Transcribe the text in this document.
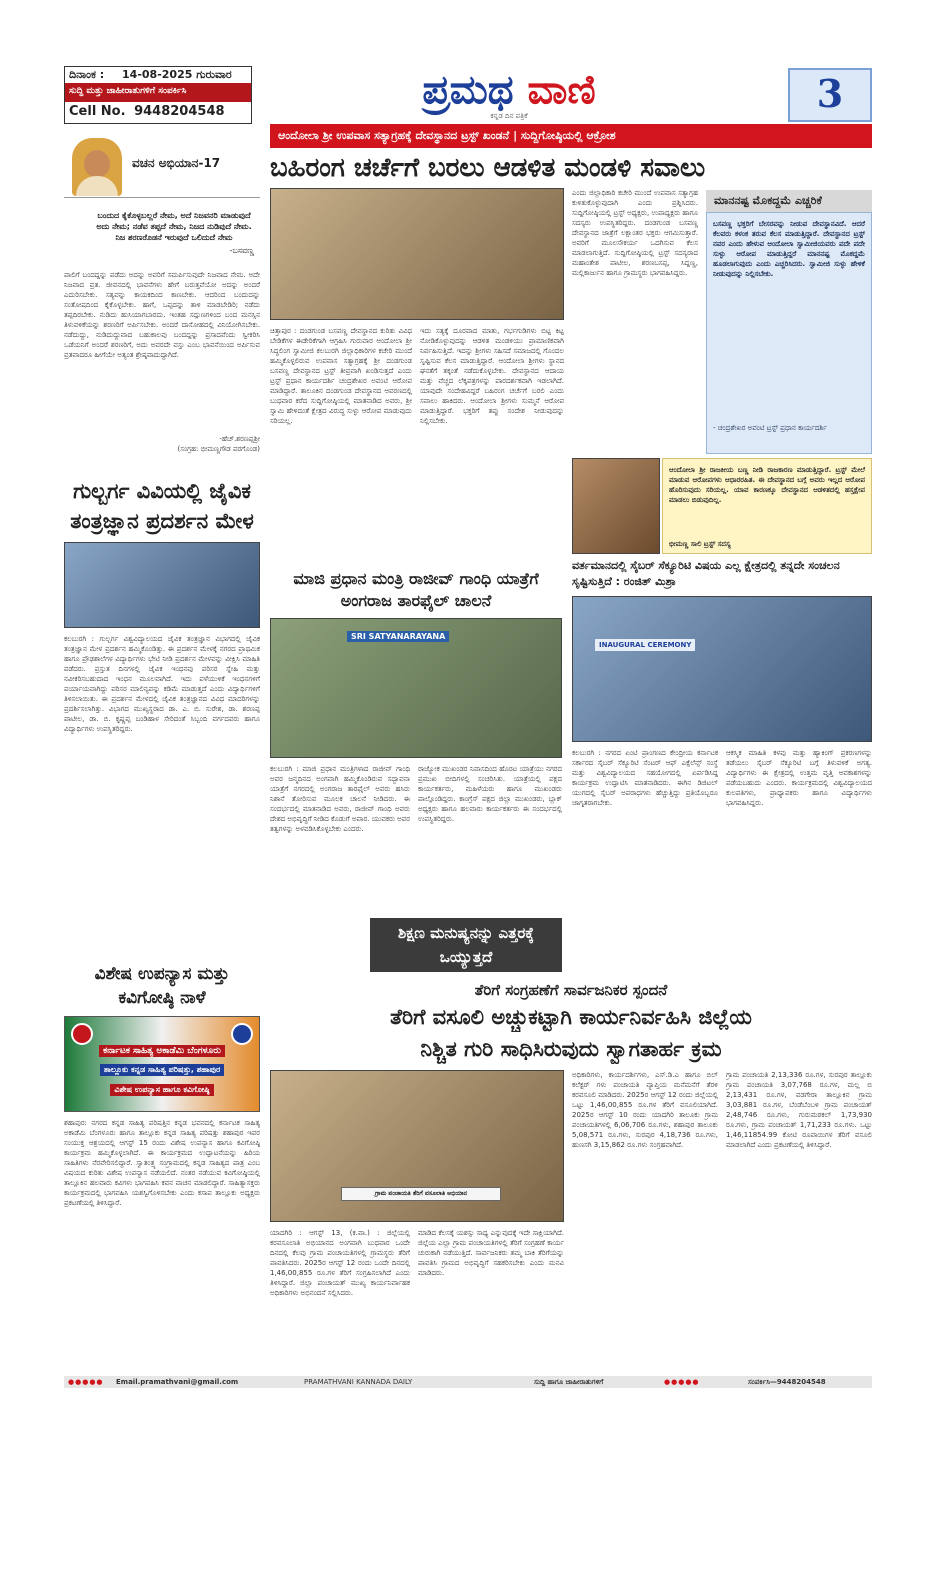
ದಿನಾಂಕ : 14-08-2025 ಗುರುವಾರ
ಸುದ್ದಿ ಮತ್ತು ಜಾಹೀರಾತುಗಳಿಗೆ ಸಂಪರ್ಕಿಸಿ
Cell No. 9448204548	ಪ್ರಮಥ ವಾಣಿ
ಕನ್ನಡ ದಿನ ಪತ್ರಿಕೆ	3
ವಚನ ಅಭಿಯಾನ-17
ಬಂದುದ ಕೈಕೊಳ್ಳಬಲ್ಲರೆ ನೇಮ, ಅದೆ ನಿಜವನರಿ ಮಾಡುವುದೆ ಅದು ನೇಮ; ನಡೆವ ತಪ್ಪದೆ ನೇಮ, ನಿಜದ ನುಡಿವುದೆ ನೇಮ. ನಿಜ ಶರಣರೊಡನೆ ಇರುವುದೆ ಒಲಿದುದೆ ನೇಮ
-ಬಸವಣ್ಣ
ಪಾಲಿಗೆ ಬಂದದ್ದನ್ನು ಪಡೆದು ಅದನ್ನು ಅವರಿಗೆ ಸಮರ್ಪಿಸುವುದೇ ನಿಜವಾದ ನೇಮ. ಅದೇ ನಿಜವಾದ ವ್ರತ. ಜೀವನದಲ್ಲಿ ಭಾವನೆಗಳು ಹೇಗೆ ಬರುತ್ತವೆಯೋ ಅದನ್ನು ಅಂದರೆ ಎದುರಿಸಬೇಕು. ಸತ್ಯವನ್ನು ಕಾಯಕದಿಂದ ಕಾಣಬೇಕು. ಆದರಿಂದ ಬಂದುದನ್ನು ಸಂತೋಷದಿಂದ ಕೈಕೊಳ್ಳಬೇಕು. ಹಾಗೆ, ಒಪ್ಪದನ್ನು ತಾಳಿ ಮಾಡಬೇಡಿರಿ; ನಡೆದು ತಪ್ಪದಿರಬೇಕು. ನುಡಿದು ಹುಸಿಯಾಗಬಾರದು. ಇಂತಹ ಸದ್ಗುಣಗಳಿಂದ ಬಂದ ಮನಸ್ಸಿನ ತಿಳುವಳಿಕೆಯನ್ನು ಶರಣರಿಗೆ ಅರ್ಪಿಸಬೇಕು. ಅಂದರೆ ದಾಸೋಹದಲ್ಲಿ ವಿನಿಯೋಗಿಸಬೇಕು. ನಡೆದುದ್ದು, ನುಡಿದುದ್ದುವಾದ ಬಹುಕಾಲವು ಬಂದದ್ದನ್ನು ಪ್ರಸಾದವೆಂದು ಸ್ವೀಕರಿಸಿ ಒಡೆಯನಿಗೆ ಅಂದರೆ ಶರಣರಿಗೆ, ಅದು ಅವರದೇ ವಸ್ತು ಎಂಬ ಭಾವನೆಯಿಂದ ಅರ್ಪಿಸುವ ವ್ರತವಾದರೂ ಹೀಗೆಯೇ ಅತ್ಯಂತ ಶ್ರೇಷ್ಠವಾದುದ್ದಾಗಿದೆ.
-ಹೆಚ್.ಶರಣಪ್ಪಶ್ರೀ
(ಸಂಗ್ರಹ: ಭೀಮಣ್ಣಗೌಡ ಪರಗೊಂಡ)
ಗುಲ್ಬರ್ಗ ವಿವಿಯಲ್ಲಿ ಜೈವಿಕ ತಂತ್ರಜ್ಞಾನ ಪ್ರದರ್ಶನ ಮೇಳ
ಕಲಬುರಗಿ : ಗುಲ್ಬರ್ಗ ವಿಶ್ವವಿದ್ಯಾಲಯದ ಜೈವಿಕ ತಂತ್ರಜ್ಞಾನ ವಿಭಾಗದಲ್ಲಿ ಜೈವಿಕ ತಂತ್ರಜ್ಞಾನ ಮೇಳ ಪ್ರದರ್ಶನ ಹಮ್ಮಿಕೊಂಡಿತ್ತು. ಈ ಪ್ರದರ್ಶನ ಮೇಳಕ್ಕೆ ನಗರದ ಪ್ರಾಥಮಿಕ ಹಾಗೂ ಪ್ರೌಢಶಾಲೆಗಳ ವಿದ್ಯಾರ್ಥಿಗಳು ಭೇಟಿ ನೀಡಿ ಪ್ರದರ್ಶನ ಮೇಳವನ್ನು ವೀಕ್ಷಿಸಿ ಮಾಹಿತಿ ಪಡೆದರು. ಪ್ರಸ್ತುತ ದಿನಗಳಲ್ಲಿ ಜೈವಿಕ ಇಂಧನವು ಪರಿಸರ ಸ್ನೇಹಿ ಮತ್ತು ನವೀಕರಿಸಬಹುದಾದ ಇಂಧನ ಮೂಲವಾಗಿದೆ. ಇದು ಪಳೆಯುಳಿಕೆ ಇಂಧನಗಳಿಗೆ ಪರ್ಯಾಯವಾಗಿದ್ದು ಪರಿಸರ ಮಾಲಿನ್ಯವನ್ನು ಕಡಿಮೆ ಮಾಡುತ್ತದೆ ಎಂದು ವಿದ್ಯಾರ್ಥಿಗಳಿಗೆ ತಿಳಿಸಲಾಯಿತು. ಈ ಪ್ರದರ್ಶನ ಮೇಳದಲ್ಲಿ ಜೈವಿಕ ತಂತ್ರಜ್ಞಾನದ ವಿವಿಧ ಮಾದರಿಗಳನ್ನು ಪ್ರದರ್ಶಿಸಲಾಗಿತ್ತು. ವಿಭಾಗದ ಮುಖ್ಯಸ್ಥರಾದ ಡಾ. ಎ. ಬಿ. ಸುರೇಶ, ಡಾ. ಶರಣಪ್ಪ ಪಾಟೀಲ, ಡಾ. ಬಿ. ಕೃಷ್ಣಪ್ಪ ಬಂಡಿಹಾಳ ಸೇರಿದಂತೆ ಸಿಬ್ಬಂದಿ ವರ್ಗದವರು ಹಾಗೂ ವಿದ್ಯಾರ್ಥಿಗಳು ಉಪಸ್ಥಿತರಿದ್ದರು.
ವಿಶೇಷ ಉಪನ್ಯಾಸ ಮತ್ತು ಕವಿಗೋಷ್ಠಿ ನಾಳೆ
ಕರ್ನಾಟಕ ಸಾಹಿತ್ಯ ಅಕಾಡೆಮಿ ಬೆಂಗಳೂರು ತಾಲ್ಲೂಕು ಕನ್ನಡ ಸಾಹಿತ್ಯ ಪರಿಷತ್ತು, ಶಹಾಪುರ ವಿಶೇಷ ಉಪನ್ಯಾಸ ಹಾಗೂ ಕವಿಗೋಷ್ಠಿ
ಶಹಾಪುರ: ನಗರದ ಕನ್ನಡ ಸಾಹಿತ್ಯ ಪರಿಷತ್ತಿನ ಕನ್ನಡ ಭವನದಲ್ಲಿ ಕರ್ನಾಟಕ ಸಾಹಿತ್ಯ ಅಕಾಡೆಮಿ ಬೆಂಗಳೂರು ಹಾಗೂ ತಾಲ್ಲೂಕು ಕನ್ನಡ ಸಾಹಿತ್ಯ ಪರಿಷತ್ತು ಶಹಾಪುರ ಇವರ ಸಂಯುಕ್ತ ಆಶ್ರಯದಲ್ಲಿ ಆಗಸ್ಟ್ 15 ರಂದು ವಿಶೇಷ ಉಪನ್ಯಾಸ ಹಾಗೂ ಕವಿಗೋಷ್ಠಿ ಕಾರ್ಯಕ್ರಮ ಹಮ್ಮಿಕೊಳ್ಳಲಾಗಿದೆ. ಈ ಕಾರ್ಯಕ್ರಮದ ಉದ್ಘಾಟನೆಯನ್ನು ಹಿರಿಯ ಸಾಹಿತಿಗಳು ನೆರವೇರಿಸಲಿದ್ದಾರೆ. ಸ್ವಾತಂತ್ರ್ಯ ಸಂಗ್ರಾಮದಲ್ಲಿ ಕನ್ನಡ ಸಾಹಿತ್ಯದ ಪಾತ್ರ ಎಂಬ ವಿಷಯದ ಕುರಿತು ವಿಶೇಷ ಉಪನ್ಯಾಸ ನಡೆಯಲಿದೆ. ನಂತರ ನಡೆಯುವ ಕವಿಗೋಷ್ಠಿಯಲ್ಲಿ ತಾಲ್ಲೂಕಿನ ಹಲವಾರು ಕವಿಗಳು ಭಾಗವಹಿಸಿ ಕವನ ವಾಚನ ಮಾಡಲಿದ್ದಾರೆ. ಸಾಹಿತ್ಯಾಸಕ್ತರು ಕಾರ್ಯಕ್ರಮದಲ್ಲಿ ಭಾಗವಹಿಸಿ ಯಶಸ್ವಿಗೊಳಿಸಬೇಕು ಎಂದು ಕಸಾಪ ತಾಲ್ಲೂಕು ಅಧ್ಯಕ್ಷರು ಪ್ರಕಟಣೆಯಲ್ಲಿ ತಿಳಿಸಿದ್ದಾರೆ.
ಆಂದೋಲಾ ಶ್ರೀ ಉಪವಾಸ ಸತ್ಯಾಗ್ರಹಕ್ಕೆ ದೇವಸ್ಥಾನದ ಟ್ರಸ್ಟ್ ಖಂಡನೆ | ಸುದ್ದಿಗೋಷ್ಠಿಯಲ್ಲಿ ಆಕ್ರೋಶ
ಬಹಿರಂಗ ಚರ್ಚೆಗೆ ಬರಲು ಆಡಳಿತ ಮಂಡಳಿ ಸವಾಲು
ಚಿತ್ತಾಪುರ : ದಂಡಗುಂಡ ಬಸವಣ್ಣ ದೇವಸ್ಥಾನದ ಕುರಿತು ವಿವಿಧ ಬೇಡಿಕೆಗಳ ಈಡೇರಿಕೆಗಾಗಿ ಆಗ್ರಹಿಸಿ ಗುರುವಾರ ಆಂದೋಲಾ ಶ್ರೀ ಸಿದ್ಧಲಿಂಗ ಸ್ವಾಮೀಜಿ ಕಲಬುರಗಿ ಜಿಲ್ಲಾಧಿಕಾರಿಗಳ ಕಚೇರಿ ಮುಂದೆ ಹಮ್ಮಿಕೊಳ್ಳಲಿರುವ ಉಪವಾಸ ಸತ್ಯಾಗ್ರಹಕ್ಕೆ ಶ್ರೀ ದಂಡಗುಂಡ ಬಸವಣ್ಣ ದೇವಸ್ಥಾನದ ಟ್ರಸ್ಟ್ ತೀವ್ರವಾಗಿ ಖಂಡಿಸುತ್ತದೆ ಎಂದು ಟ್ರಸ್ಟ್ ಪ್ರಧಾನ ಕಾರ್ಯದರ್ಶಿ ಚಂದ್ರಶೇಖರ ಅವಂಟಿ ಆರೋಪ ಮಾಡಿದ್ದಾರೆ. ತಾಲೂಕಿನ ದಂಡಗುಂಡ ದೇವಸ್ಥಾನದ ಆವರಣದಲ್ಲಿ ಬುಧವಾರ ಕರೆದ ಸುದ್ದಿಗೋಷ್ಠಿಯಲ್ಲಿ ಮಾತನಾಡಿದ ಅವರು, ಶ್ರೀ ಸ್ವಾಮಿ ಹೇಳಿದಂತೆ ಕ್ಷೇತ್ರದ ವಿರುದ್ಧ ಸುಳ್ಳು ಆರೋಪ ಮಾಡುವುದು ಸರಿಯಲ್ಲ.
ಇದು ಸತ್ಯಕ್ಕೆ ದೂರವಾದ ಮಾತು, ಗರ್ಭಗುಡಿಗಳು ಬಿಟ್ಟ ಕಿಟ್ಟ ನೋಡಿಕೊಳ್ಳುವುದನ್ನು ಆಡಳಿತ ಮಂಡಳಿಯು ಪ್ರಾಮಾಣಿಕವಾಗಿ ನಿರ್ವಹಿಸುತ್ತಿದೆ. ಇದನ್ನು ಶ್ರೀಗಳು ಸಹಿಸದೆ ಸಮಾಜದಲ್ಲಿ ಗೊಂದಲ ಸೃಷ್ಟಿಸುವ ಕೆಲಸ ಮಾಡುತ್ತಿದ್ದಾರೆ. ಆಂದೋಲಾ ಶ್ರೀಗಳು ಸ್ಥಾನದ ಘನತೆಗೆ ತಕ್ಕಂತೆ ನಡೆದುಕೊಳ್ಳಬೇಕು. ದೇವಸ್ಥಾನದ ಆದಾಯ ಮತ್ತು ವೆಚ್ಚದ ಲೆಕ್ಕಪತ್ರಗಳನ್ನು ಪಾರದರ್ಶಕವಾಗಿ ಇಡಲಾಗಿದೆ. ಯಾವುದೇ ಸಂದೇಹವಿದ್ದರೆ ಬಹಿರಂಗ ಚರ್ಚೆಗೆ ಬರಲಿ ಎಂದು ಸವಾಲು ಹಾಕಿದರು. ಆಂದೋಲಾ ಶ್ರೀಗಳು ಸುಮ್ಮನೆ ಆರೋಪ ಮಾಡುತ್ತಿದ್ದಾರೆ. ಭಕ್ತರಿಗೆ ತಪ್ಪು ಸಂದೇಶ ನೀಡುವುದನ್ನು ನಿಲ್ಲಿಸಬೇಕು.
ಎಂದು ಜಿಲ್ಲಾಧಿಕಾರಿ ಕಚೇರಿ ಮುಂದೆ ಉಪವಾಸ ಸತ್ಯಾಗ್ರಹ ಕುಳಿತುಕೊಳ್ಳುವುದಾಗಿ ಎಂದು ಪ್ರಶ್ನಿಸಿದರು. ಸುದ್ದಿಗೋಷ್ಠಿಯಲ್ಲಿ ಟ್ರಸ್ಟ್ ಅಧ್ಯಕ್ಷರು, ಉಪಾಧ್ಯಕ್ಷರು ಹಾಗೂ ಸದಸ್ಯರು ಉಪಸ್ಥಿತರಿದ್ದರು. ದಂಡಗುಂಡ ಬಸವಣ್ಣ ದೇವಸ್ಥಾನದ ಜಾತ್ರೆಗೆ ಲಕ್ಷಾಂತರ ಭಕ್ತರು ಆಗಮಿಸುತ್ತಾರೆ. ಅವರಿಗೆ ಮೂಲಸೌಕರ್ಯ ಒದಗಿಸುವ ಕೆಲಸ ಮಾಡಲಾಗುತ್ತಿದೆ. ಸುದ್ದಿಗೋಷ್ಠಿಯಲ್ಲಿ ಟ್ರಸ್ಟ್ ಸದಸ್ಯರಾದ ಮಹಾಂತೇಶ ಪಾಟೀಲ, ಶರಣಬಸಪ್ಪ, ಸಿದ್ದಣ್ಣ, ಮಲ್ಲಿಕಾರ್ಜುನ ಹಾಗೂ ಗ್ರಾಮಸ್ಥರು ಭಾಗವಹಿಸಿದ್ದರು.
ಮಾನನಷ್ಟ ಮೊಕದ್ದಮೆ ಎಚ್ಚರಿಕೆ
ಬಸವಣ್ಣ ಭಕ್ತರಿಗೆ ಬೇಸರವನ್ನು ನೀಡುವ ದೇವಸ್ಥಾನವಿದೆ. ಆದರೆ ಕೆಲವರು ಕಳಂಕ ತರುವ ಕೆಲಸ ಮಾಡುತ್ತಿದ್ದಾರೆ. ದೇವಸ್ಥಾನದ ಟ್ರಸ್ಟ್ ನವರ ಎಂದು ಹೇಳುವ ಆಂದೋಲಾ ಸ್ವಾಮೀಜಿಯವರು ಪದೇ ಪದೇ ಸುಳ್ಳು ಆರೋಪ ಮಾಡುತ್ತಿದ್ದರೆ ಮಾನನಷ್ಟ ಮೊಕದ್ದಮೆ ಹೂಡಲಾಗುವುದು ಎಂದು ಎಚ್ಚರಿಸಿದರು. ಸ್ವಾಮೀಜಿ ಸುಳ್ಳು ಹೇಳಿಕೆ ನೀಡುವುದನ್ನು ನಿಲ್ಲಿಸಬೇಕು.
- ಚಂದ್ರಶೇಖರ ಅವಂಟಿ ಟ್ರಸ್ಟ್ ಪ್ರಧಾನ ಕಾರ್ಯದರ್ಶಿ
ಆಂದೋಲಾ ಶ್ರೀ ರಾಜಕೀಯ ಬಣ್ಣ ನೀಡಿ ರಾಜಕಾರಣ ಮಾಡುತ್ತಿದ್ದಾರೆ. ಟ್ರಸ್ಟ್ ಮೇಲೆ ಮಾಡುವ ಆರೋಪಗಳು ಆಧಾರರಹಿತ. ಈ ದೇವಸ್ಥಾನದ ಬಗ್ಗೆ ಅವರು ಇಲ್ಲದ ಆರೋಪ ಹೊರಿಸುವುದು ಸರಿಯಲ್ಲ. ಯಾವ ಕಾರಣಕ್ಕೂ ದೇವಸ್ಥಾನದ ಆಡಳಿತದಲ್ಲಿ ಹಸ್ತಕ್ಷೇಪ ಮಾಡಲು ಬಿಡುವುದಿಲ್ಲ.
ಭೀಮಣ್ಣ ಸಾಲಿ ಟ್ರಸ್ಟ್ ಸದಸ್ಯ
ಮಾಜಿ ಪ್ರಧಾನ ಮಂತ್ರಿ ರಾಜೀವ್ ಗಾಂಧಿ ಯಾತ್ರೆಗೆ ಅಂಗರಾಜ ತಾರಫೈಲ್ ಚಾಲನೆ
SRI SATYANARAYANA
ಕಲಬುರಗಿ : ಮಾಜಿ ಪ್ರಧಾನ ಮಂತ್ರಿಗಳಾದ ರಾಜೀವ್ ಗಾಂಧಿ ಅವರ ಜನ್ಮದಿನದ ಅಂಗವಾಗಿ ಹಮ್ಮಿಕೊಂಡಿರುವ ಸದ್ಭಾವನಾ ಯಾತ್ರೆಗೆ ನಗರದಲ್ಲಿ ಅಂಗರಾಜ ತಾರಫೈಲ್ ಅವರು ಹಸಿರು ನಿಶಾನೆ ತೋರಿಸುವ ಮೂಲಕ ಚಾಲನೆ ನೀಡಿದರು. ಈ ಸಂದರ್ಭದಲ್ಲಿ ಮಾತನಾಡಿದ ಅವರು, ರಾಜೀವ್ ಗಾಂಧಿ ಅವರು ದೇಶದ ಅಭಿವೃದ್ಧಿಗೆ ನೀಡಿದ ಕೊಡುಗೆ ಅಪಾರ. ಯುವಕರು ಅವರ ತತ್ವಗಳನ್ನು ಅಳವಡಿಸಿಕೊಳ್ಳಬೇಕು ಎಂದರು.
ರಾಜ್ಯೋಕ ಮುಖಂಡರ ನಿವಾಸದಿಂದ ಹೊರಟ ಯಾತ್ರೆಯು ನಗರದ ಪ್ರಮುಖ ಬೀದಿಗಳಲ್ಲಿ ಸಂಚರಿಸಿತು. ಯಾತ್ರೆಯಲ್ಲಿ ಪಕ್ಷದ ಕಾರ್ಯಕರ್ತರು, ಮಹಿಳೆಯರು ಹಾಗೂ ಮುಖಂಡರು ಪಾಲ್ಗೊಂಡಿದ್ದರು. ಕಾಂಗ್ರೆಸ್ ಪಕ್ಷದ ಜಿಲ್ಲಾ ಮುಖಂಡರು, ಬ್ಲಾಕ್ ಅಧ್ಯಕ್ಷರು ಹಾಗೂ ಹಲವಾರು ಕಾರ್ಯಕರ್ತರು ಈ ಸಂದರ್ಭದಲ್ಲಿ ಉಪಸ್ಥಿತರಿದ್ದರು.
ಶಿಕ್ಷಣ ಮನುಷ್ಯನನ್ನು ಎತ್ತರಕ್ಕೆ ಒಯ್ಯುತ್ತದೆ
ವರ್ತಮಾನದಲ್ಲಿ ಸೈಬರ್ ಸೆಕ್ಯೂರಿಟಿ ವಿಷಯ ಎಲ್ಲ ಕ್ಷೇತ್ರದಲ್ಲಿ ತನ್ನದೇ ಸಂಚಲನ ಸೃಷ್ಟಿಸುತ್ತಿದೆ : ರಂಜಿತ್ ಮಿಶ್ರಾ
INAUGURAL CEREMONY
ಕಲಬುರಗಿ : ನಗರದ ಏಂಟಿ ಪ್ರಾಂಗಣದ ಕೇಂದ್ರೀಯ ಕರ್ನಾಟಕ ಸರ್ಕಾರದ ಸೈಬರ್ ಸೆಕ್ಯೂರಿಟಿ ಸೆಂಟರ್ ಆಫ್ ಎಕ್ಸೆಲೆನ್ಸ್ ಸಂಸ್ಥೆ ಮತ್ತು ವಿಶ್ವವಿದ್ಯಾಲಯದ ಸಹಯೋಗದಲ್ಲಿ ಏರ್ಪಡಿಸಿದ್ದ ಕಾರ್ಯಕ್ರಮ ಉದ್ಘಾಟಿಸಿ ಮಾತನಾಡಿದರು. ಈಗಿನ ಡಿಜಿಟಲ್ ಯುಗದಲ್ಲಿ ಸೈಬರ್ ಅಪರಾಧಗಳು ಹೆಚ್ಚುತ್ತಿದ್ದು ಪ್ರತಿಯೊಬ್ಬರೂ ಜಾಗೃತರಾಗಬೇಕು.
ಆಕಸ್ಮಿಕ ಮಾಹಿತಿ ಕಳವು ಮತ್ತು ಹ್ಯಾಕಿಂಗ್ ಪ್ರಕರಣಗಳನ್ನು ತಡೆಯಲು ಸೈಬರ್ ಸೆಕ್ಯೂರಿಟಿ ಬಗ್ಗೆ ತಿಳುವಳಿಕೆ ಅಗತ್ಯ. ವಿದ್ಯಾರ್ಥಿಗಳು ಈ ಕ್ಷೇತ್ರದಲ್ಲಿ ಉತ್ತಮ ವೃತ್ತಿ ಅವಕಾಶಗಳನ್ನು ಪಡೆಯಬಹುದು ಎಂದರು. ಕಾರ್ಯಕ್ರಮದಲ್ಲಿ ವಿಶ್ವವಿದ್ಯಾಲಯದ ಕುಲಪತಿಗಳು, ಪ್ರಾಧ್ಯಾಪಕರು ಹಾಗೂ ವಿದ್ಯಾರ್ಥಿಗಳು ಭಾಗವಹಿಸಿದ್ದರು.
ತೆರಿಗೆ ಸಂಗ್ರಹಣೆಗೆ ಸಾರ್ವಜನಿಕರ ಸ್ಪಂದನೆ
ತೆರಿಗೆ ವಸೂಲಿ ಅಚ್ಚುಕಟ್ಟಾಗಿ ಕಾರ್ಯನಿರ್ವಹಿಸಿ ಜಿಲ್ಲೆಯ
ನಿಶ್ಚಿತ ಗುರಿ ಸಾಧಿಸಿರುವುದು ಸ್ವಾಗತಾರ್ಹ ಕ್ರಮ
ಗ್ರಾಮ ಪಂಚಾಯತಿ ತೆರಿಗೆ ವಸೂಲಾತಿ ಅಭಿಯಾನ
ಯಾದಗಿರಿ : ಆಗಸ್ಟ್ 13, (ಕ.ವಾ.) : ಜಿಲ್ಲೆಯಲ್ಲಿ ಕರವಸೂಲಾತಿ ಅಭಿಯಾನದ ಅಂಗವಾಗಿ ಬುಧವಾರ ಒಂದೇ ದಿನದಲ್ಲಿ ಕೆಲವು ಗ್ರಾಮ ಪಂಚಾಯತಿಗಳಲ್ಲಿ ಗ್ರಾಮಸ್ಥರು ತೆರಿಗೆ ಪಾವತಿಸಿದರು. 2025ರ ಆಗಸ್ಟ್ 12 ರಂದು ಒಂದೇ ದಿನದಲ್ಲಿ 1,46,00,855 ರೂ.ಗಳ ತೆರಿಗೆ ಸಂಗ್ರಹಿಸಲಾಗಿದೆ ಎಂದು ತಿಳಿಸಿದ್ದಾರೆ. ಜಿಲ್ಲಾ ಪಂಚಾಯತ್ ಮುಖ್ಯ ಕಾರ್ಯನಿರ್ವಾಹಕ ಅಧಿಕಾರಿಗಳು ಅಭಿನಂದನೆ ಸಲ್ಲಿಸಿದರು.
ಮಾಡಿದ ಕೆಲಸಕ್ಕೆ ಯಶಸ್ಸು ಸಾಧ್ಯ ಎನ್ನುವುದಕ್ಕೆ ಇದೇ ಸಾಕ್ಷಿಯಾಗಿದೆ. ಜಿಲ್ಲೆಯ ಎಲ್ಲಾ ಗ್ರಾಮ ಪಂಚಾಯತಿಗಳಲ್ಲಿ ತೆರಿಗೆ ಸಂಗ್ರಹಣೆ ಕಾರ್ಯ ಚುರುಕಾಗಿ ನಡೆಯುತ್ತಿದೆ. ಸಾರ್ವಜನಿಕರು ತಮ್ಮ ಬಾಕಿ ತೆರಿಗೆಯನ್ನು ಪಾವತಿಸಿ ಗ್ರಾಮದ ಅಭಿವೃದ್ಧಿಗೆ ಸಹಕರಿಸಬೇಕು ಎಂದು ಮನವಿ ಮಾಡಿದರು.
ಅಧಿಕಾರಿಗಳು, ಕಾರ್ಯದರ್ಶಿಗಳು, ಎಸ್.ಡಿ.ಎ ಹಾಗೂ ಬಿಲ್ ಕಲೆಕ್ಟರ್ ಗಳು ಪಂಚಾಯತಿ ವ್ಯಾಪ್ತಿಯ ಮನೆಮನೆಗೆ ತೆರಳಿ ಕರವಸೂಲಿ ಮಾಡಿದರು. 2025ರ ಆಗಸ್ಟ್ 12 ರಂದು ಜಿಲ್ಲೆಯಲ್ಲಿ ಒಟ್ಟು 1,46,00,855 ರೂ.ಗಳ ತೆರಿಗೆ ವಸೂಲಿಯಾಗಿದೆ. 2025ರ ಆಗಸ್ಟ್ 10 ರಂದು ಯಾದಗಿರಿ ತಾಲೂಕು ಗ್ರಾಮ ಪಂಚಾಯತಿಗಳಲ್ಲಿ 6,06,706 ರೂ.ಗಳು, ಶಹಾಪುರ ತಾಲೂಕು 5,08,571 ರೂ.ಗಳು, ಸುರಪುರ 4,18,736 ರೂ.ಗಳು, ಹುಣಸಗಿ 3,15,862 ರೂ.ಗಳು ಸಂಗ್ರಹವಾಗಿದೆ.
ಗ್ರಾಮ ಪಂಚಾಯತಿ 2,13,336 ರೂ.ಗಳ, ಸುರಪುರ ತಾಲ್ಲೂಕು ಗ್ರಾಮ ಪಂಚಾಯತಿ 3,07,768 ರೂ.ಗಳ, ಮಲ್ಲ ಬಿ 2,13,431 ರೂ.ಗಳ, ವಡಗೇರಾ ತಾಲ್ಲೂಕಿನ ಗ್ರಾಮ 3,03,881 ರೂ.ಗಳ, ಬೆಂಡೆಬೆಂಬಳಿ ಗ್ರಾಮ ಪಂಚಾಯತ್ 2,48,746 ರೂ.ಗಳು, ಗುರುಮಠಕಲ್ 1,73,930 ರೂ.ಗಳು, ಗ್ರಾಮ ಪಂಚಾಯತ್ 1,71,233 ರೂ.ಗಳು. ಒಟ್ಟು 1,46,11854.99 ಕೋಟಿ ರೂಪಾಯಿಗಳ ತೆರಿಗೆ ವಸೂಲಿ ಮಾಡಲಾಗಿದೆ ಎಂದು ಪ್ರಕಟಣೆಯಲ್ಲಿ ತಿಳಿಸಿದ್ದಾರೆ.
●●●●● Email.pramathvani@gmail.com	PRAMATHVANI KANNADA DAILY	ಸುದ್ದಿ ಹಾಗೂ ಜಾಹೀರಾತುಗಳಿಗೆ	●●●●●	ಸಂಪರ್ಕಿಸಿ—9448204548
